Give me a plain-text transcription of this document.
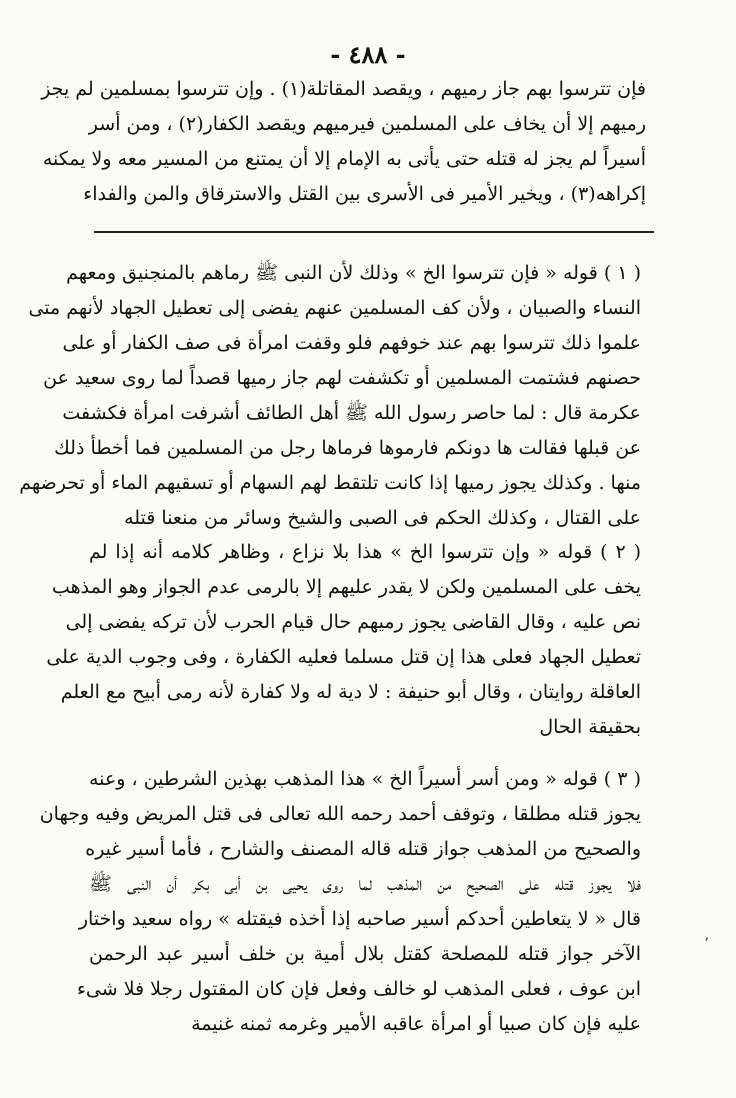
- ٤٨٨ -
فإن تترسوا بهم جاز رميهم ، ويقصد المقاتلة(١) . وإن تترسوا بمسلمين لم يجز
رميهم إلا أن يخاف على المسلمين فيرميهم ويقصد الكفار(٢) ، ومن أسر
أسيراً لم يجز له قتله حتى يأتى به الإمام إلا أن يمتنع من المسير معه ولا يمكنه
إكراهه(٣) ، ويخير الأمير فى الأسرى بين القتل والاسترقاق والمن والفداء
( ١ ) قوله « فإن تترسوا الخ » وذلك لأن النبى ﷺ رماهم بالمنجنيق ومعهم
النساء والصبيان ، ولأن كف المسلمين عنهم يفضى إلى تعطيل الجهاد لأنهم متى
علموا ذلك تترسوا بهم عند خوفهم فلو وقفت امرأة فى صف الكفار أو على
حصنهم فشتمت المسلمين أو تكشفت لهم جاز رميها قصداً لما روى سعيد عن
عكرمة قال : لما حاصر رسول الله ﷺ أهل الطائف أشرفت امرأة فكشفت
عن قبلها فقالت ها دونكم فارموها فرماها رجل من المسلمين فما أخطأ ذلك
منها . وكذلك يجوز رميها إذا كانت تلتقط لهم السهام أو تسقيهم الماء أو تحرضهم
على القتال ، وكذلك الحكم فى الصبى والشيخ وسائر من منعنا قتله
( ٢ ) قوله « وإن تترسوا الخ » هذا بلا نزاع ، وظاهر كلامه أنه إذا لم
يخف على المسلمين ولكن لا يقدر عليهم إلا بالرمى عدم الجواز وهو المذهب
نص عليه ، وقال القاضى يجوز رميهم حال قيام الحرب لأن تركه يفضى إلى
تعطيل الجهاد فعلى هذا إن قتل مسلما فعليه الكفارة ، وفى وجوب الدية على
العاقلة روايتان ، وقال أبو حنيفة : لا دية له ولا كفارة لأنه رمى أبيح مع العلم
بحقيقة الحال
( ٣ ) قوله « ومن أسر أسيراً الخ » هذا المذهب بهذين الشرطين ، وعنه
يجوز قتله مطلقا ، وتوقف أحمد رحمه الله تعالى فى قتل المريض وفيه وجهان
والصحيح من المذهب جواز قتله قاله المصنف والشارح ، فأما أسير غيره
فلا يجوز قتله على الصحيح من المذهب لما روى يحيى بن أبى بكر أن النبى ﷺ
قال « لا يتعاطين أحدكم أسير صاحبه إذا أخذه فيقتله » رواه سعيد واختار
الآخر جواز قتله للمصلحة كقتل بلال أمية بن خلف أسير عبد الرحمن
ابن عوف ، فعلى المذهب لو خالف وفعل فإن كان المقتول رجلا فلا شىء
عليه فإن كان صبيا أو امرأة عاقبه الأمير وغرمه ثمنه غنيمة
٬
